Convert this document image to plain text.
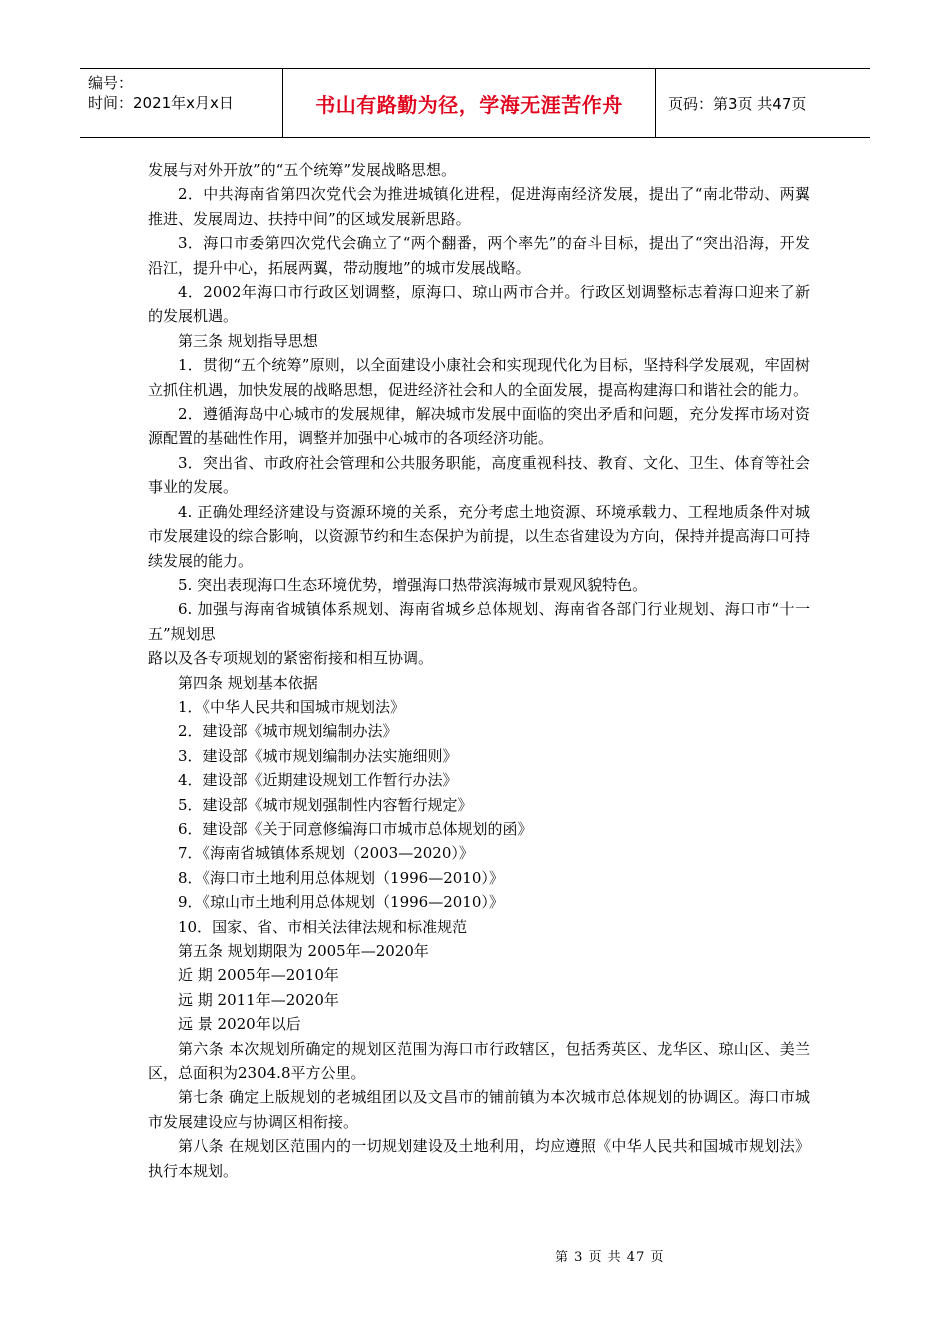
编号：
时间：2021年x月x日	书山有路勤为径，学海无涯苦作舟	页码：第3页 共47页

发展与对外开放”的“五个统筹”发展战略思想。

2．中共海南省第四次党代会为推进城镇化进程，促进海南经济发展，提出了“南北带动、两翼推进、发展周边、扶持中间”的区域发展新思路。

3．海口市委第四次党代会确立了“两个翻番，两个率先”的奋斗目标，提出了“突出沿海，开发沿江，提升中心，拓展两翼，带动腹地”的城市发展战略。

4．2002年海口市行政区划调整，原海口、琼山两市合并。行政区划调整标志着海口迎来了新的发展机遇。

第三条 规划指导思想

1．贯彻“五个统筹”原则，以全面建设小康社会和实现现代化为目标，坚持科学发展观，牢固树立抓住机遇，加快发展的战略思想，促进经济社会和人的全面发展，提高构建海口和谐社会的能力。

2．遵循海岛中心城市的发展规律，解决城市发展中面临的突出矛盾和问题，充分发挥市场对资源配置的基础性作用，调整并加强中心城市的各项经济功能。

3．突出省、市政府社会管理和公共服务职能，高度重视科技、教育、文化、卫生、体育等社会事业的发展。

4. 正确处理经济建设与资源环境的关系，充分考虑土地资源、环境承载力、工程地质条件对城市发展建设的综合影响，以资源节约和生态保护为前提，以生态省建设为方向，保持并提高海口可持续发展的能力。

5. 突出表现海口生态环境优势，增强海口热带滨海城市景观风貌特色。

6. 加强与海南省城镇体系规划、海南省城乡总体规划、海南省各部门行业规划、海口市“十一五”规划思

路以及各专项规划的紧密衔接和相互协调。

第四条 规划基本依据

1．《中华人民共和国城市规划法》

2．建设部《城市规划编制办法》

3．建设部《城市规划编制办法实施细则》

4．建设部《近期建设规划工作暂行办法》

5．建设部《城市规划强制性内容暂行规定》

6．建设部《关于同意修编海口市城市总体规划的函》

7．《海南省城镇体系规划（2003—2020）》

8．《海口市土地利用总体规划（1996—2010）》

9．《琼山市土地利用总体规划（1996—2010）》

10．国家、省、市相关法律法规和标准规范

第五条 规划期限为 2005年—2020年

近 期 2005年—2010年

远 期 2011年—2020年

远 景 2020年以后

第六条 本次规划所确定的规划区范围为海口市行政辖区，包括秀英区、龙华区、琼山区、美兰区，总面积为2304.8平方公里。

第七条 确定上版规划的老城组团以及文昌市的铺前镇为本次城市总体规划的协调区。海口市城市发展建设应与协调区相衔接。

第八条 在规划区范围内的一切规划建设及土地利用，均应遵照《中华人民共和国城市规划法》执行本规划。

第 3 页 共 47 页
